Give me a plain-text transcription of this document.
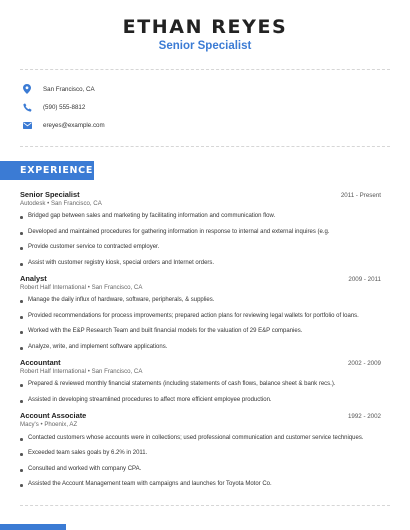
ETHAN REYES
Senior Specialist
San Francisco, CA
(590) 555-8812
ereyes@example.com
EXPERIENCE
Senior Specialist	2011 - Present
Autodesk • San Francisco, CA
Bridged gap between sales and marketing by facilitating information and communication flow.
Developed and maintained procedures for gathering information in response to internal and external inquires (e.g.
Provide customer service to contracted employer.
Assist with customer registry kiosk, special orders and Internet orders.
Analyst	2009 - 2011
Robert Half International • San Francisco, CA
Manage the daily influx of hardware, software, peripherals, & supplies.
Provided recommendations for process improvements; prepared action plans for reviewing legal wallets for portfolio of loans.
Worked with the E&P Research Team and built financial models for the valuation of 29 E&P companies.
Analyze, write, and implement software applications.
Accountant	2002 - 2009
Robert Half International • San Francisco, CA
Prepared & reviewed monthly financial statements (including statements of cash flows, balance sheet & bank recs.).
Assisted in developing streamlined procedures to affect more efficient employee production.
Account Associate	1992 - 2002
Macy's • Phoenix, AZ
Contacted customers whose accounts were in collections; used professional communication and customer service techniques.
Exceeded team sales goals by 6.2% in 2011.
Consulted and worked with company CPA.
Assisted the Account Management team with campaigns and launches for Toyota Motor Co.
